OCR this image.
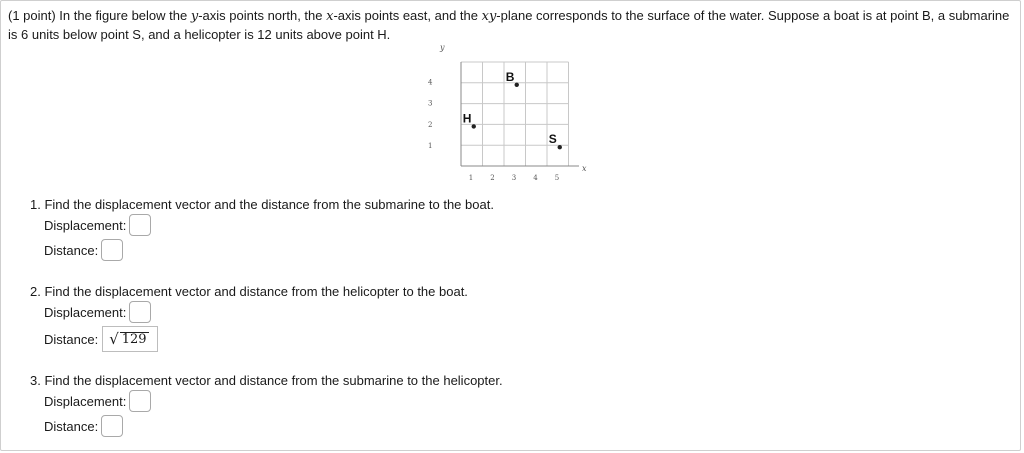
(1 point) In the figure below the y-axis points north, the x-axis points east, and the xy-plane corresponds to the surface of the water. Suppose a boat is at point B, a submarine is 6 units below point S, and a helicopter is 12 units above point H.
y
x
1 2 3 4 5
1
2
3
4	B
H
S
1. Find the displacement vector and the distance from the submarine to the boat.
Displacement:
Distance:
2. Find the displacement vector and distance from the helicopter to the boat.
Displacement:
Distance: √ 129
3. Find the displacement vector and distance from the submarine to the helicopter.
Displacement:
Distance:
